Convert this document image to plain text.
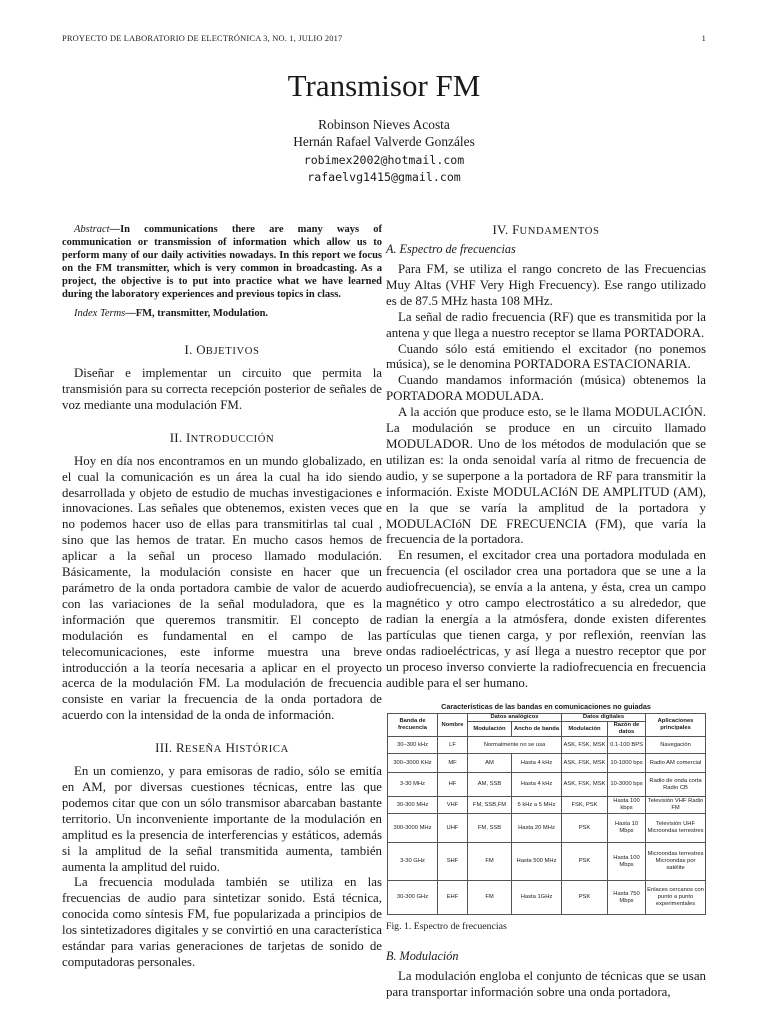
PROYECTO DE LABORATORIO DE ELECTRÓNICA 3, NO. 1, JULIO 2017	1
Transmisor FM
Robinson Nieves Acosta
Hernán Rafael Valverde Gonzáles
robimex2002@hotmail.com
rafaelvg1415@gmail.com

Abstract—In communications there are many ways of communication or transmission of information which allow us to perform many of our daily activities nowadays. In this report we focus on the FM transmitter, which is very common in broadcasting. As a project, the objective is to put into practice what we have learned during the laboratory experiences and previous topics in class.

Index Terms—FM, transmitter, Modulation.

I. OBJETIVOS

Diseñar e implementar un circuito que permita la transmisión para su correcta recepción posterior de señales de voz mediante una modulación FM.

II. INTRODUCCIÓN

Hoy en día nos encontramos en un mundo globalizado, en el cual la comunicación es un área la cual ha ido siendo desarrollada y objeto de estudio de muchas investigaciones e innovaciones. Las señales que obtenemos, existen veces que no podemos hacer uso de ellas para transmitirlas tal cual , sino que las hemos de tratar. En mucho casos hemos de aplicar a la señal un proceso llamado modulación. Básicamente, la modulación consiste en hacer que un parámetro de la onda portadora cambie de valor de acuerdo con las variaciones de la señal moduladora, que es la información que queremos transmitir. El concepto de modulación es fundamental en el campo de las telecomunicaciones, este informe muestra una breve introducción a la teoría necesaria a aplicar en el proyecto acerca de la modulación FM. La modulación de frecuencia consiste en variar la frecuencia de la onda portadora de acuerdo con la intensidad de la onda de información.

III. RESEÑA HISTÓRICA

En un comienzo, y para emisoras de radio, sólo se emitía en AM, por diversas cuestiones técnicas, entre las que podemos citar que con un sólo transmisor abarcaban bastante territorio. Un inconveniente importante de la modulación en amplitud es la presencia de interferencias y estáticos, además si la amplitud de la señal transmitida aumenta, también aumenta la amplitud del ruido.

La frecuencia modulada también se utiliza en las frecuencias de audio para sintetizar sonido. Está técnica, conocida como síntesis FM, fue popularizada a principios de los sintetizadores digitales y se convirtió en una característica estándar para varias generaciones de tarjetas de sonido de computadoras personales.

IV. FUNDAMENTOS
A. Espectro de frecuencias

Para FM, se utiliza el rango concreto de las Frecuencias Muy Altas (VHF Very High Frecuency). Ese rango utilizado es de 87.5 MHz hasta 108 MHz.

La señal de radio frecuencia (RF) que es transmitida por la antena y que llega a nuestro receptor se llama PORTADORA.

Cuando sólo está emitiendo el excitador (no ponemos música), se le denomina PORTADORA ESTACIONARIA.

Cuando mandamos información (música) obtenemos la PORTADORA MODULADA.

A la acción que produce esto, se le llama MODULACIÓN. La modulación se produce en un circuito llamado MODULADOR. Uno de los métodos de modulación que se utilizan es: la onda senoidal varía al ritmo de frecuencia de audio, y se superpone a la portadora de RF para transmitir la información. Existe MODULACIóN DE AMPLITUD (AM), en la que se varía la amplitud de la portadora y MODULACIóN DE FRECUENCIA (FM), que varía la frecuencia de la portadora.

En resumen, el excitador crea una portadora modulada en frecuencia (el oscilador crea una portadora que se une a la audiofrecuencia), se envía a la antena, y ésta, crea un campo magnético y otro campo electrostático a su alrededor, que radian la energía a la atmósfera, donde existen diferentes partículas que tienen carga, y por reflexión, reenvían las ondas radioeléctricas, y así llega a nuestro receptor que por un proceso inverso convierte la radiofrecuencia en frecuencia audible para el ser humano.

Características de las bandas en comunicaciones no guiadas
Banda de frecuencia	Nombre	Datos analógicos		Datos digitales		Aplicaciones principales
		Modulación	Ancho de banda	Modulación	Razón de datos	
30–300 kHz	LF	Normalmente no se usa		ASK, FSK, MSK	0.1-100 BPS	Navegación
300–3000 KHz	MF	AM	Hasta 4 kHz	ASK, FSK, MSK	10-1000 bps	Radio AM comercial
3-30 MHz	HF	AM, SSB	Hasta 4 kHz	ASK, FSK, MSK	10-3000 bps	Radio de onda corta Radio CB
30-300 MHz	VHF	FM, SSB,FM	5 kHz a 5 MHz	FSK, PSK	Hasta 100 kbps	Televisión VHF Radio FM
300-3000 MHz	UHF	FM, SSB	Hasta 20 MHz	PSK	Hasta 10 Mbps	Televisión UHF Microondas terrestres
3-30 GHz	SHF	FM	Hasta 500 MHz	PSK	Hasta 100 Mbps	Microondas terrestres Microondas por satélite
30-300 GHz	EHF	FM	Hasta 1GHz	PSK	Hasta 750 Mbps	Enlaces cercanos con punto a punto experimentales
Fig. 1. Espectro de frecuencias
B. Modulación

La modulación engloba el conjunto de técnicas que se usan para transportar información sobre una onda portadora,
